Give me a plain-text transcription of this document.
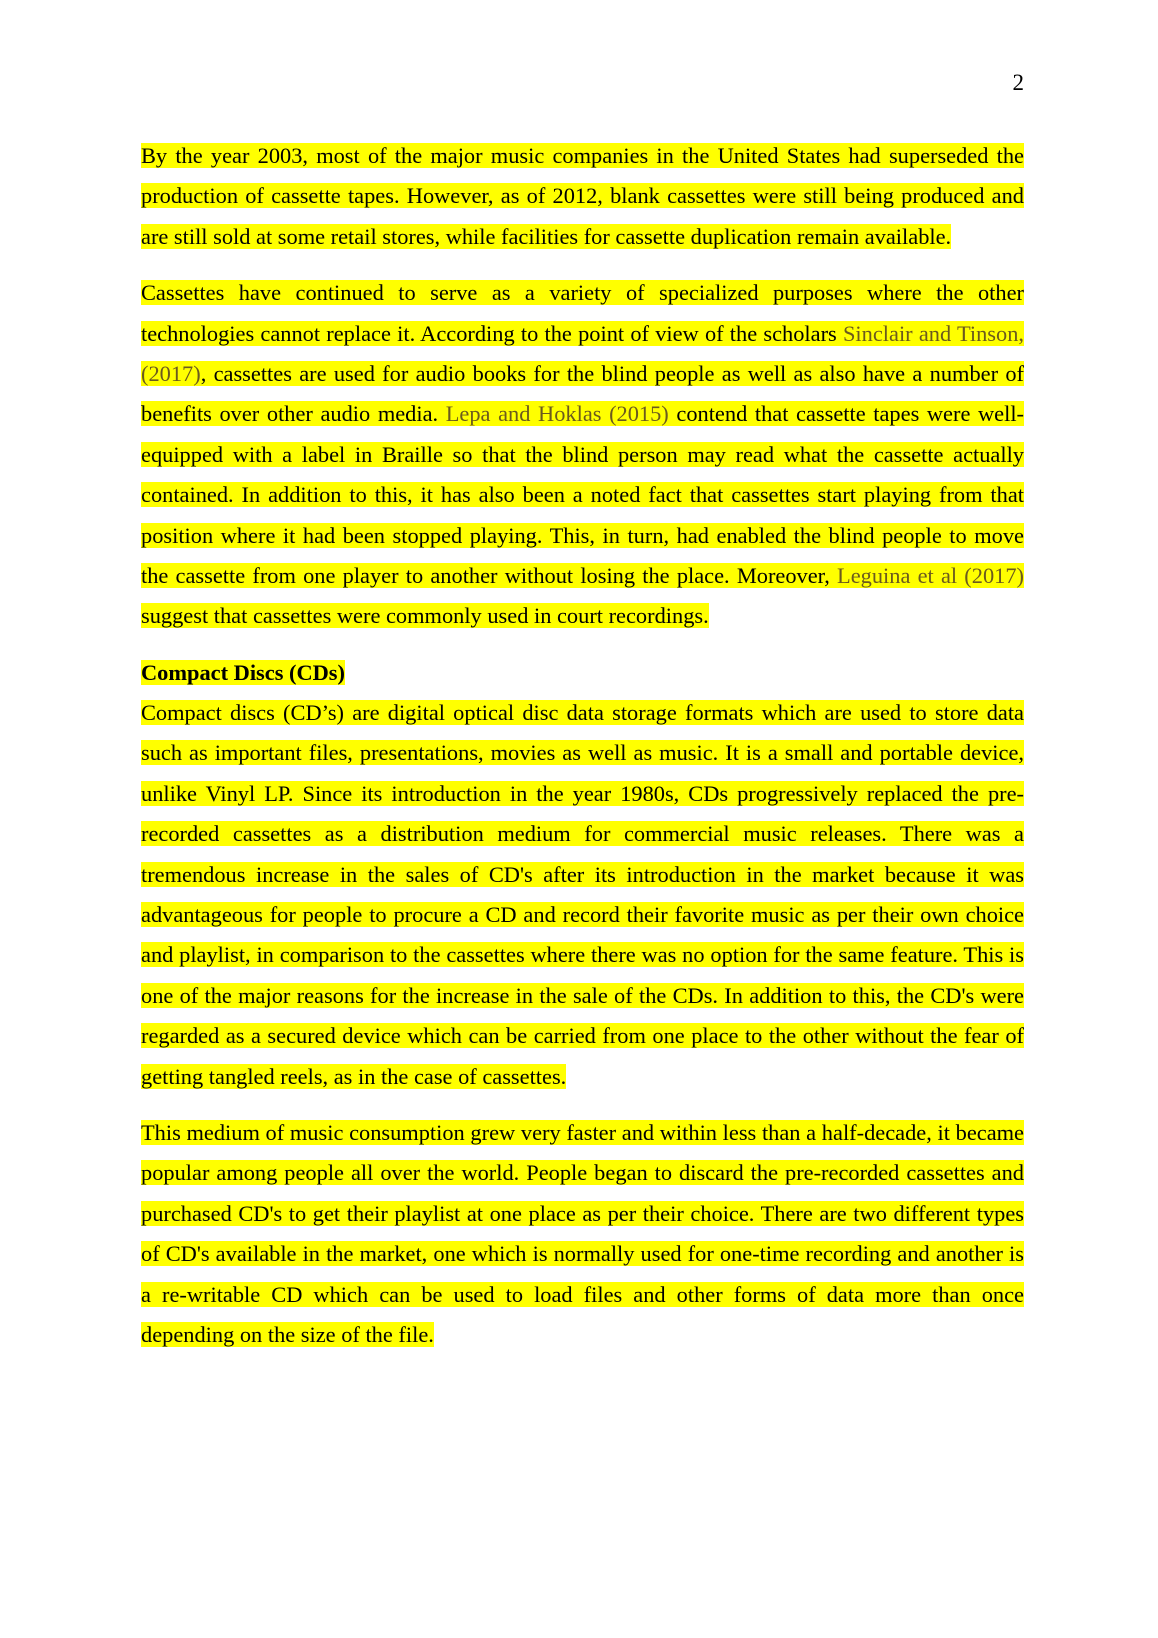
2

By the year 2003, most of the major music companies in the United States had superseded the production of cassette tapes. However, as of 2012, blank cassettes were still being produced and are still sold at some retail stores, while facilities for cassette duplication remain available.

Cassettes have continued to serve as a variety of specialized purposes where the other technologies cannot replace it. According to the point of view of the scholars Sinclair and Tinson, (2017), cassettes are used for audio books for the blind people as well as also have a number of benefits over other audio media. Lepa and Hoklas (2015) contend that cassette tapes were well-equipped with a label in Braille so that the blind person may read what the cassette actually contained. In addition to this, it has also been a noted fact that cassettes start playing from that position where it had been stopped playing. This, in turn, had enabled the blind people to move the cassette from one player to another without losing the place. Moreover, Leguina et al (2017) suggest that cassettes were commonly used in court recordings.

Compact Discs (CDs)

Compact discs (CD’s) are digital optical disc data storage formats which are used to store data such as important files, presentations, movies as well as music. It is a small and portable device, unlike Vinyl LP. Since its introduction in the year 1980s, CDs progressively replaced the pre-recorded cassettes as a distribution medium for commercial music releases. There was a tremendous increase in the sales of CD's after its introduction in the market because it was advantageous for people to procure a CD and record their favorite music as per their own choice and playlist, in comparison to the cassettes where there was no option for the same feature. This is one of the major reasons for the increase in the sale of the CDs. In addition to this, the CD's were regarded as a secured device which can be carried from one place to the other without the fear of getting tangled reels, as in the case of cassettes.

This medium of music consumption grew very faster and within less than a half-decade, it became popular among people all over the world. People began to discard the pre-recorded cassettes and purchased CD's to get their playlist at one place as per their choice. There are two different types of CD's available in the market, one which is normally used for one-time recording and another is a re-writable CD which can be used to load files and other forms of data more than once depending on the size of the file.
